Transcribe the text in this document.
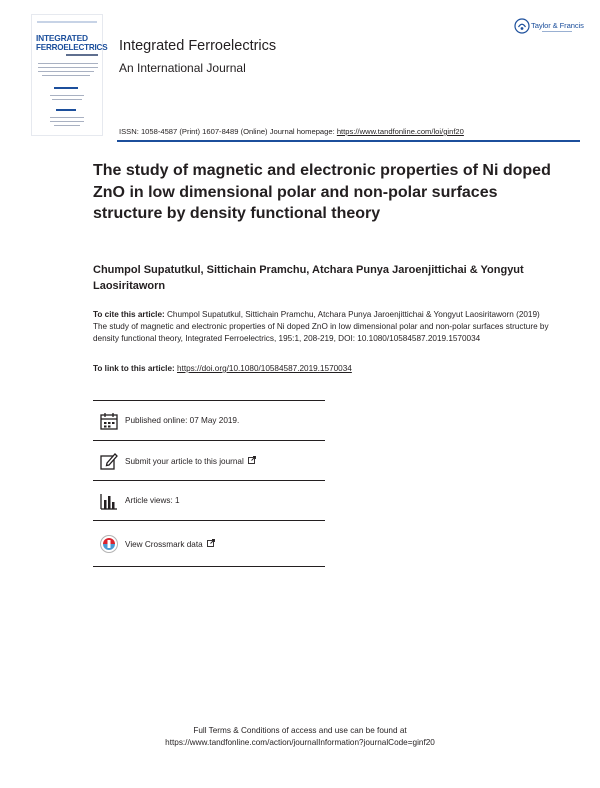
INTEGRATED
FERROELECTRICS Integrated Ferroelectrics
An International Journal
Taylor & Francis
ISSN: 1058-4587 (Print) 1607-8489 (Online) Journal homepage: https://www.tandfonline.com/loi/ginf20
The study of magnetic and electronic properties of Ni doped ZnO in low dimensional polar and non-polar surfaces structure by density functional theory
Chumpol Supatutkul, Sittichain Pramchu, Atchara Punya Jaroenjittichai & Yongyut Laosiritaworn
To cite this article: Chumpol Supatutkul, Sittichain Pramchu, Atchara Punya Jaroenjittichai & Yongyut Laosiritaworn (2019) The study of magnetic and electronic properties of Ni doped ZnO in low dimensional polar and non-polar surfaces structure by density functional theory, Integrated Ferroelectrics, 195:1, 208-219, DOI: 10.1080/10584587.2019.1570034
To link to this article: https://doi.org/10.1080/10584587.2019.1570034
Published online: 07 May 2019.
Submit your article to this journal
Article views: 1
View Crossmark data
Full Terms & Conditions of access and use can be found at
https://www.tandfonline.com/action/journalInformation?journalCode=ginf20
